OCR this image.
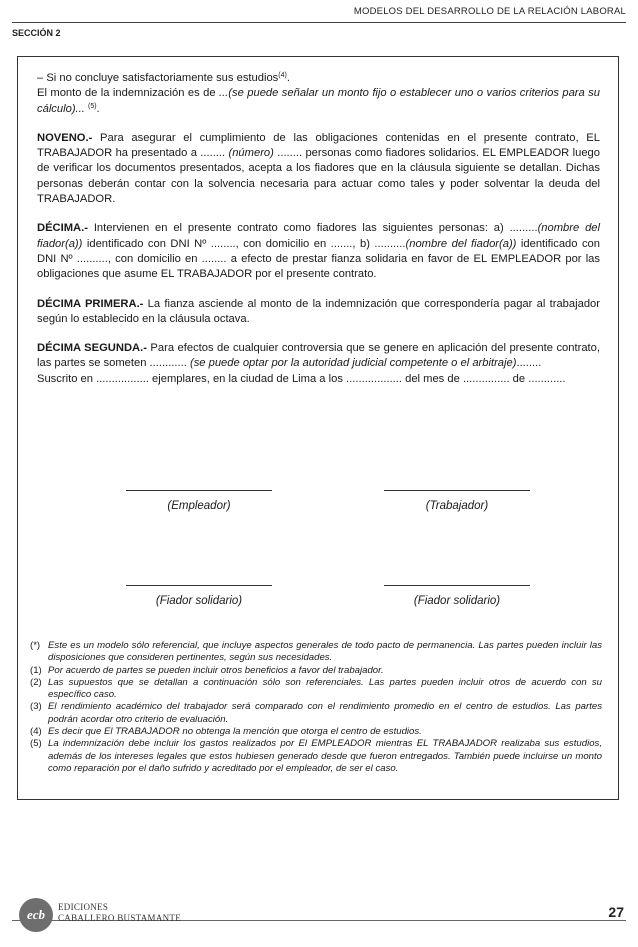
MODELOS DEL DESARROLLO DE LA RELACIÓN LABORAL
SECCIÓN 2

– Si no concluye satisfactoriamente sus estudios$^{(4)}$.

El monto de la indemnización es de ...(se puede señalar un monto fijo o establecer uno o varios criterios para su cálculo)... $^{(5)}$.

NOVENO.- Para asegurar el cumplimiento de las obligaciones contenidas en el presente contrato, EL TRABAJADOR ha presentado a ........ (número) ........ personas como fiadores solidarios. EL EMPLEADOR luego de verificar los documentos presentados, acepta a los fiadores que en la cláusula siguiente se detallan. Dichas personas deberán contar con la solvencia necesaria para actuar como tales y poder solventar la deuda del TRABAJADOR.

DÉCIMA.- Intervienen en el presente contrato como fiadores las siguientes personas: a) .........(nombre del fiador(a)) identificado con DNI Nº ........, con domicilio en ......., b) ..........(nombre del fiador(a)) identificado con DNI Nº .........., con domicilio en ........ a efecto de prestar fianza solidaria en favor de EL EMPLEADOR por las obligaciones que asume EL TRABAJADOR por el presente contrato.

DÉCIMA PRIMERA.- La fianza asciende al monto de la indemnización que correspondería pagar al trabajador según lo establecido en la cláusula octava.

DÉCIMA SEGUNDA.- Para efectos de cualquier controversia que se genere en aplicación del presente contrato, las partes se someten ............ (se puede optar por la autoridad judicial competente o el arbitraje)........

Suscrito en ................. ejemplares, en la ciudad de Lima a los .................. del mes de ............... de ............

(Empleador)	(Trabajador)
(Fiador solidario)	(Fiador solidario)

(*) Este es un modelo sólo referencial, que incluye aspectos generales de todo pacto de permanencia. Las partes pueden incluir las disposiciones que consideren pertinentes, según sus necesidades.

(1) Por acuerdo de partes se pueden incluir otros beneficios a favor del trabajador.

(2) Las supuestos que se detallan a continuación sólo son referenciales. Las partes pueden incluir otros de acuerdo con su específico caso.

(3) El rendimiento académico del trabajador será comparado con el rendimiento promedio en el centro de estudios. Las partes podrán acordar otro criterio de evaluación.

(4) Es decir que El TRABAJADOR no obtenga la mención que otorga el centro de estudios.

(5) La indemnización debe incluir los gastos realizados por El EMPLEADOR mientras EL TRABAJADOR realizaba sus estudios, además de los intereses legales que estos hubiesen generado desde que fueron entregados. También puede incluirse un monto como reparación por el daño sufrido y acreditado por el empleador, de ser el caso.

ecb	EDICIONES
CABALLERO BUSTAMANTE	27
